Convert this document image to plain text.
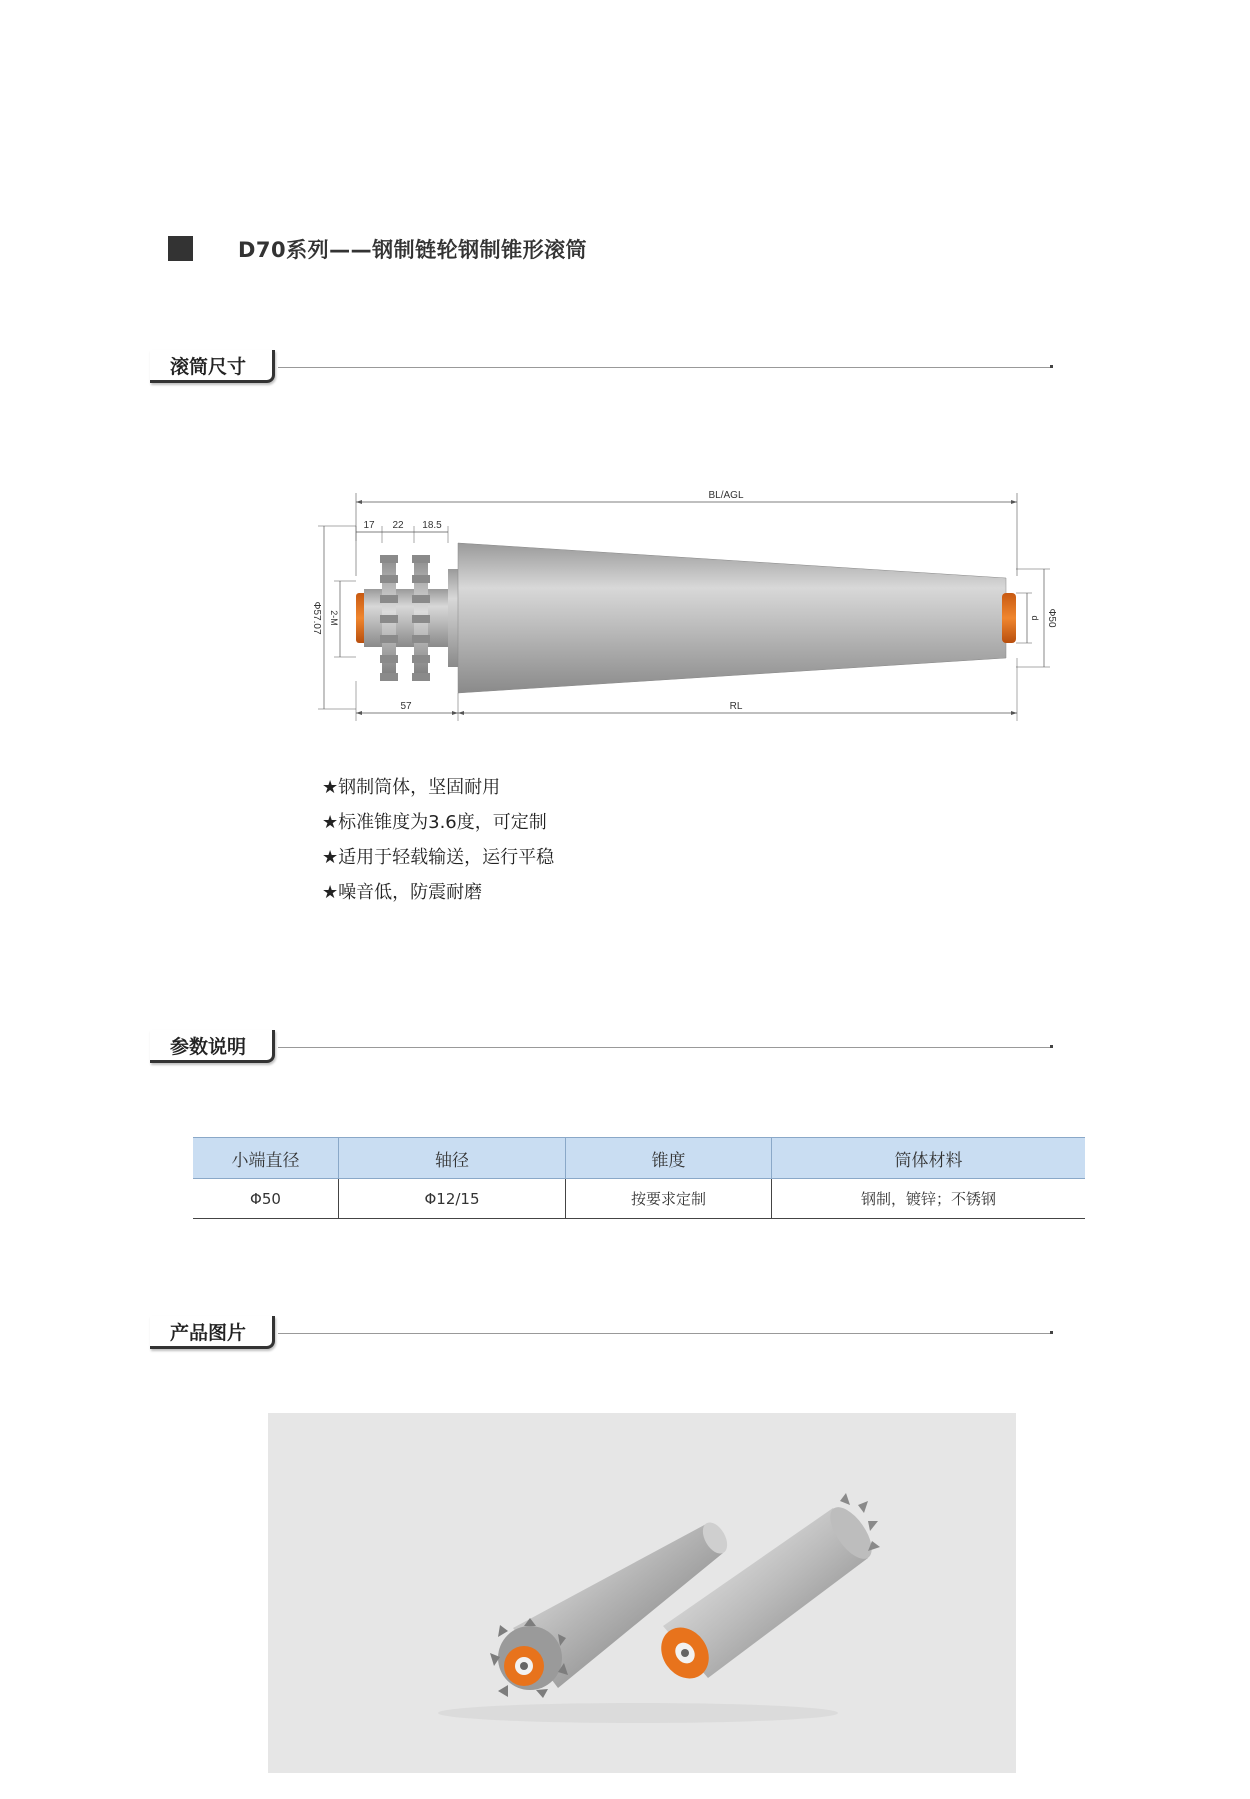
D70系列——钢制链轮钢制锥形滚筒
滚筒尺寸
BL/AGL
17 22 18.5
Φ57.07 2-M
57	RL
d Φ50
★钢制筒体，坚固耐用
★标准锥度为3.6度，可定制
★适用于轻载输送，运行平稳
★噪音低，防震耐磨
参数说明
小端直径	轴径	锥度	筒体材料
Φ50	Φ12/15	按要求定制	钢制，镀锌；不锈钢
产品图片
